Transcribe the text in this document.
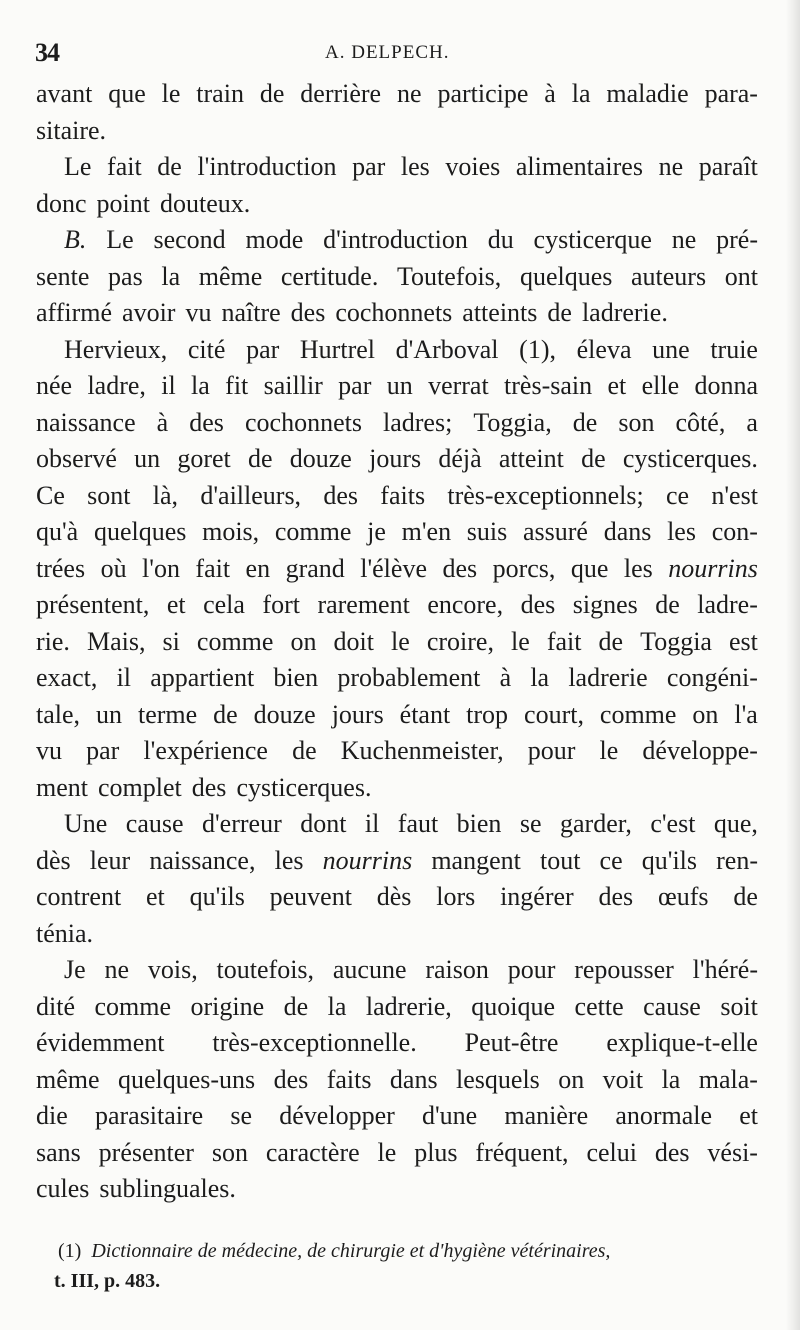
34	A. DELPECH.
avant que le train de derrière ne participe à la maladie para-
sitaire.
Le fait de l'introduction par les voies alimentaires ne paraît
donc point douteux.
B. Le second mode d'introduction du cysticerque ne pré-
sente pas la même certitude. Toutefois, quelques auteurs ont
affirmé avoir vu naître des cochonnets atteints de ladrerie.
Hervieux, cité par Hurtrel d'Arboval (1), éleva une truie
née ladre, il la fit saillir par un verrat très-sain et elle donna
naissance à des cochonnets ladres; Toggia, de son côté, a
observé un goret de douze jours déjà atteint de cysticerques.
Ce sont là, d'ailleurs, des faits très-exceptionnels; ce n'est
qu'à quelques mois, comme je m'en suis assuré dans les con-
trées où l'on fait en grand l'élève des porcs, que les nourrins
présentent, et cela fort rarement encore, des signes de ladre-
rie. Mais, si comme on doit le croire, le fait de Toggia est
exact, il appartient bien probablement à la ladrerie congéni-
tale, un terme de douze jours étant trop court, comme on l'a
vu par l'expérience de Kuchenmeister, pour le développe-
ment complet des cysticerques.
Une cause d'erreur dont il faut bien se garder, c'est que,
dès leur naissance, les nourrins mangent tout ce qu'ils ren-
contrent et qu'ils peuvent dès lors ingérer des œufs de
ténia.
Je ne vois, toutefois, aucune raison pour repousser l'héré-
dité comme origine de la ladrerie, quoique cette cause soit
évidemment très-exceptionnelle. Peut-être explique-t-elle
même quelques-uns des faits dans lesquels on voit la mala-
die parasitaire se développer d'une manière anormale et
sans présenter son caractère le plus fréquent, celui des vési-
cules sublinguales.
(1) Dictionnaire de médecine, de chirurgie et d'hygiène vétérinaires,
t. III, p. 483.
